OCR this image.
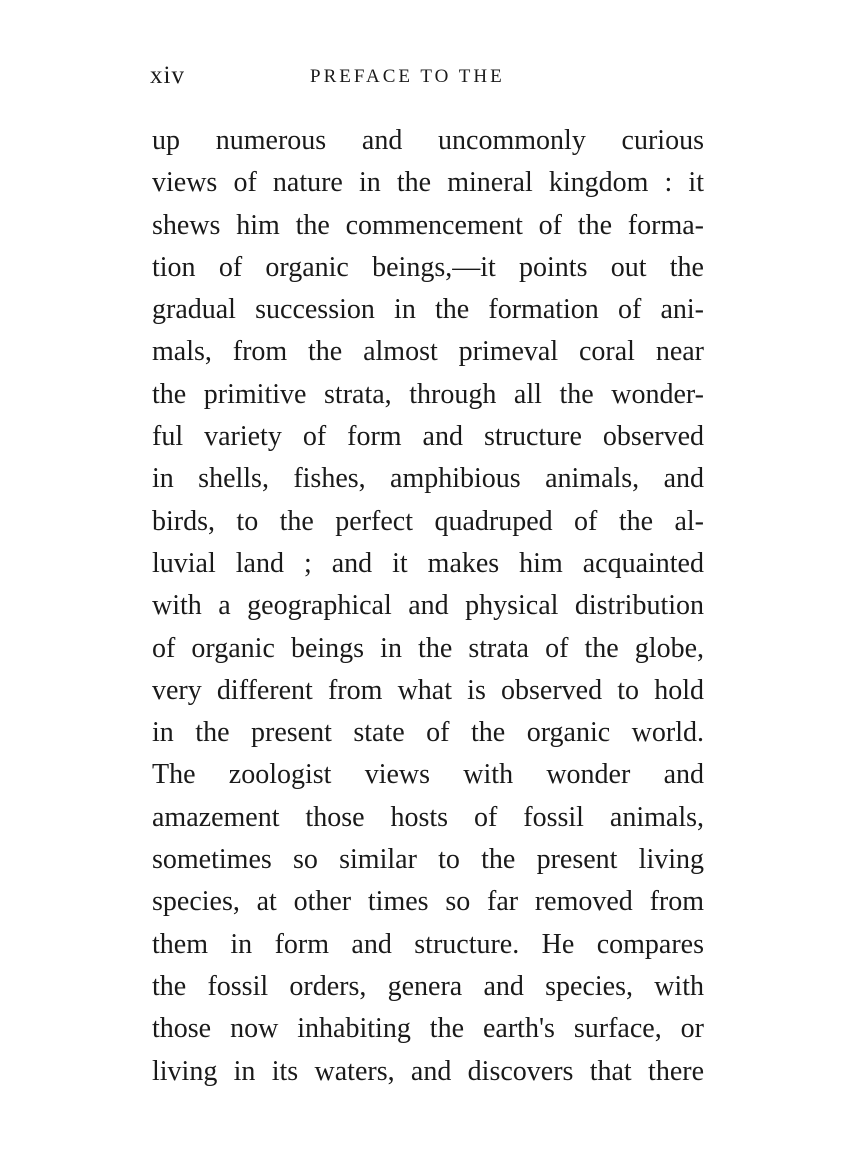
xiv	PREFACE TO THE
up numerous and uncommonly curious
views of nature in the mineral kingdom : it
shews him the commencement of the forma-
tion of organic beings,—it points out the
gradual succession in the formation of ani-
mals, from the almost primeval coral near
the primitive strata, through all the wonder-
ful variety of form and structure observed
in shells, fishes, amphibious animals, and
birds, to the perfect quadruped of the al-
luvial land ; and it makes him acquainted
with a geographical and physical distribution
of organic beings in the strata of the globe,
very different from what is observed to hold
in the present state of the organic world.
The zoologist views with wonder and
amazement those hosts of fossil animals,
sometimes so similar to the present living
species, at other times so far removed from
them in form and structure. He compares
the fossil orders, genera and species, with
those now inhabiting the earth's surface, or
living in its waters, and discovers that there
